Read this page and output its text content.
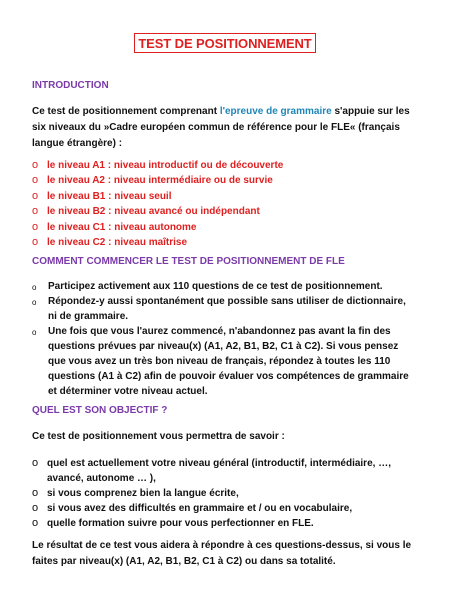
TEST DE POSITIONNEMENT
INTRODUCTION
Ce test de positionnement comprenant l'epreuve de grammaire s'appuie sur les six niveaux du »Cadre européen commun de référence pour le FLE« (français langue étrangère) :
o le niveau A1 : niveau introductif ou de découverte
o le niveau A2 : niveau intermédiaire ou de survie
o le niveau B1 : niveau seuil
o le niveau B2 : niveau avancé ou indépendant
o le niveau C1 : niveau autonome
o le niveau C2 : niveau maîtrise
COMMENT COMMENCER LE TEST DE POSITIONNEMENT DE FLE
o Participez activement aux 110 questions de ce test de positionnement.
o Répondez-y aussi spontanément que possible sans utiliser de dictionnaire, ni de grammaire.
o Une fois que vous l'aurez commencé, n'abandonnez pas avant la fin des questions prévues par niveau(x) (A1, A2, B1, B2, C1 à C2). Si vous pensez que vous avez un très bon niveau de français, répondez à toutes les 110 questions (A1 à C2) afin de pouvoir évaluer vos compétences de grammaire et déterminer votre niveau actuel.
QUEL EST SON OBJECTIF ?
Ce test de positionnement vous permettra de savoir :
o quel est actuellement votre niveau général (introductif, intermédiaire, …, avancé, autonome … ),
o si vous comprenez bien la langue écrite,
o si vous avez des difficultés en grammaire et / ou en vocabulaire,
o quelle formation suivre pour vous perfectionner en FLE.
Le résultat de ce test vous aidera à répondre à ces questions-dessus, si vous le faites par niveau(x) (A1, A2, B1, B2, C1 à C2) ou dans sa totalité.
